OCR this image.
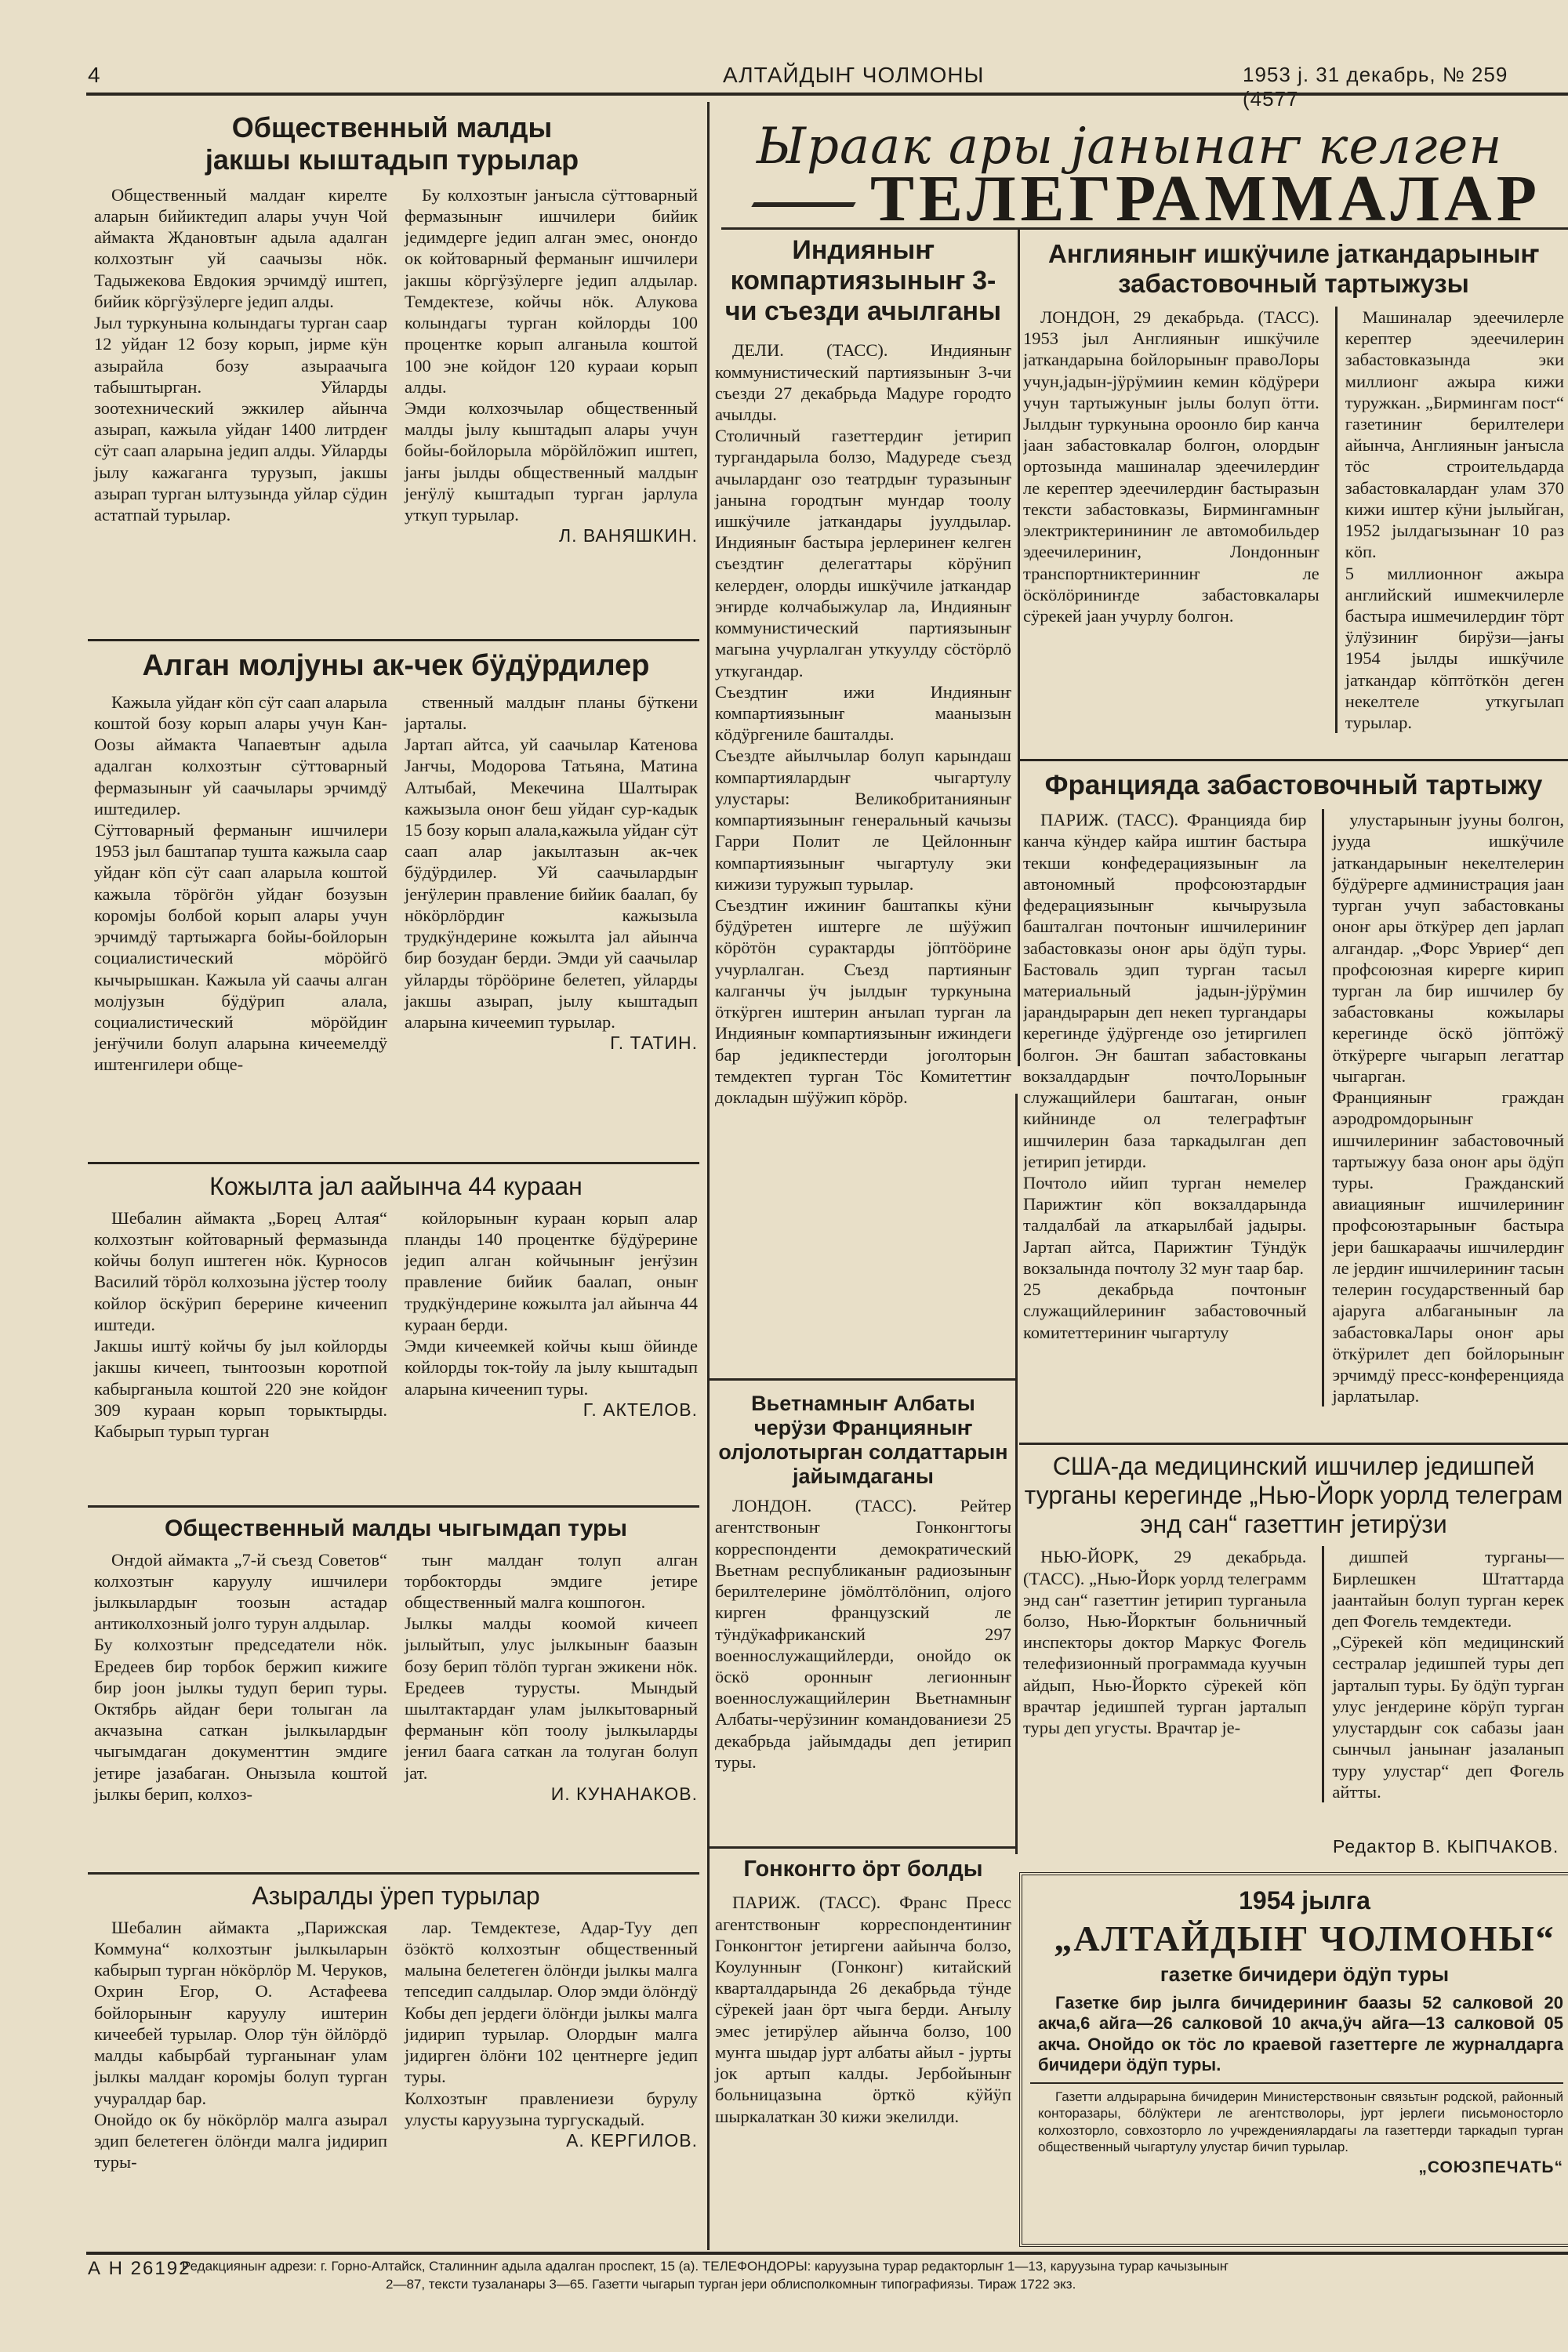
4	АЛТАЙДЫҤ ЧОЛМОНЫ	1953 ј. 31 декабрь, № 259 (4577
Ыраак ары јанынаҥ келген
ТЕЛЕГРАММАЛАР
Общественный малды јакшы кыштадып турылар

Общественный малдаҥ кирелте аларын бийиктедип алары учун Чой аймакта Ждановтыҥ адыла адалган колхозтыҥ уй саачызы нöк. Тадыжекова Евдокия эрчимдÿ иштеп, бийик кöргÿзÿлерге једип алды.
Јыл туркунына колындагы турган саар 12 уйдаҥ 12 бозу корып, јирме кÿн азырайла бозу азыраачыга табыштырган. Уйларды зоотехнический эжкилер айынча азырап, кажыла уйдаҥ 1400 литрдеҥ сÿт саап аларына једип алды. Уйларды јылу кажаганга турузып, јакшы азырап турган ылтузында уйлар сÿдин астатпай турылар.

Бу колхозтыҥ јаҥысла сÿттоварный фермазыныҥ ишчилери бийик једимдерге једип алган эмес, оноҥдо ок койтоварный ферманыҥ ишчилери јакшы кöргÿзÿлерге једип алдылар. Темдектезе, койчы нöк. Алукова колындагы турган койлорды 100 процентке корып алганыла коштой 100 эне койдоҥ 120 курааи корып алды.
Эмди колхозчылар общественный малды јылу кыштадып алары учун бойы-бойлорыла мöрöйлöжип иштеп, јаҥы јылды общественный малдыҥ јеҥÿлÿ кыштадып турган јарлула утк﻿уп турылар.

Л. ВАНЯШКИН.
Алган молјуны ак-чек бÿдÿрдилер

Кажыла уйдаҥ кöп сÿт саап аларыла коштой бозу корып алары учун Кан-Оозы аймакта Чапаевтыҥ адыла адалган колхозтыҥ сÿттоварный фермазыныҥ уй саачылары эрчимдÿ иштедилер.
Сÿттоварный ферманыҥ ишчилери 1953 јыл баштапар тушта кажыла саар уйдаҥ кöп сÿт саап аларыла коштой кажыла тöрöгöн уйдаҥ бозузын коромјы болбой корып алары учун эрчимдÿ тартыжарга бойы-бойлорын социалистический мöрöйгö кычырышкан. Кажыла уй саачы алган молјузын бÿдÿрип алала, социалистический мöрöйдиҥ јеҥÿчили болуп аларына кичеемелдÿ иштенгилери обще-

ственный малдыҥ планы бÿткени јарталы.
Јартап айтса, уй саачылар Катенова Јаҥчы, Модорова Татьяна, Матина Алтыбай, Мекечина Шалтырак кажызыла оноҥ беш уйдаҥ сур-кадык 15 бозу корып алала,кажыла уйдаҥ сÿт саап алар јакылтазын ак-чек бÿдÿрдилер. Уй саачылардыҥ јеҥÿлерин правление бийик баалап, бу нöкöрлöрдиҥ кажызыла трудкÿндерине кожылта јал айынча бир бозудаҥ берди. Эмди уй саачылар уйларды тöрööрине белетеп, уйларды јакшы азырап, јылу кыштадып аларына кичеемип турылар.

Г. ТАТИН.
Кожылта јал аайынча 44 кураан

Шебалин аймакта „Борец Алтая“ колхозтыҥ койтоварный фермазында койчы болуп иштеген нöк. Курносов Василий тöрöл колхозына јÿстер тоолу койлор öскÿрип берерине кичеенип иштеди.
Јакшы иштÿ койчы бу јыл койлорды јакшы кичееп, тынтоозын коротпой кабырганыла коштой 220 эне койдоҥ 309 кураан корып торыктырды. Кабырып турып турган

койлорыныҥ кураан корып алар планды 140 процентке бÿдÿрерине једип алган койчыныҥ јеҥÿзин правление бийик баалап, оныҥ трудкÿндерине кожылта јал айынча 44 кураан берди.
Эмди кичеемкей койчы кыш öйинде койлорды ток-тойу ла јылу кыштадып аларына кичеенип туры.

Г. АКТЕЛОВ.
Общественный малды чыгымдап туры

Оҥдой аймакта „7-й съезд Советов“ колхозтыҥ каруулу ишчилери јылкылардыҥ тоозын астадар антиколхозный јолго турун алдылар.
Бу колхозтыҥ председатели нöк. Ередеев бир торбок бержип кижиге бир јоон јылкы тудуп берип туры. Октябрь айдаҥ бери толыган ла акчазына саткан јылкылардыҥ чыгымдаган документтин эмдиге јетире јазабаган. Онызыла коштой јылкы берип, колхоз-

тыҥ малдаҥ толуп алган торбокторды эмдиге јетире общественный малга кошпогон.
Јылкы малды коомой кичееп јылыйтып, улус јылкыныҥ баазын бозу берип тöлöп турган эжикени нöк. Ередеев турусты. Мындый шылтактардаҥ улам јылкытоварный ферманыҥ кöп тоолу јылкыларды јеҥил баага саткан ла толуган болуп јат.

И. КУНАНАКОВ.
Азыралды ÿреп турылар

Шебалин аймакта „Парижская Коммуна“ колхозтыҥ јылкыларын кабырып турган нöкöрлöр М. Черуков, Охрин Егор, О. Астафеева бойлорыныҥ каруулу иштерин кичеебей турылар. Олор тÿн öйлöрдö малды кабырбай турганынаҥ улам јылкы малдаҥ коромјы болуп турган учуралдар бар.
Онойдо ок бу нöкöрлöр малга азырал эдип белетеген öлöҥди малга јидирип туры-

лар. Темдектезе, Адар-Туу деп öзöктö колхозтыҥ общественный малына белетеген öлöҥди јылкы малга тепседип салдылар. Олор эмди öлöҥдÿ Кобы деп јердеги öлöҥди јылкы малга јидирип турылар. Олордыҥ малга јидирген öлöҥи 102 центнерге једип туры.
Колхозтыҥ правлениези бурулу улусты каруузына тургускадый.

А. КЕРГИЛОВ.
Индияныҥ компартиязыныҥ 3-чи съезди ачылганы

ДЕЛИ. (ТАСС). Индияныҥ коммунистический партиязыныҥ 3-чи съезди 27 декабрьда Мадуре городто ачылды.
Столичный газеттердиҥ јетирип тургандарыла болзо, Мадуреде съезд ачыларданг озо театрдыҥ туразыныҥ јанына городтыҥ муҥдар тоолу ишкÿчиле јаткандары јуулдылар. Индияныҥ бастыра јерлеринеҥ келген съездтиҥ делегаттары кöрÿнип келердеҥ, олорды ишкÿчиле јаткандар эҥирде колчабыжулар ла, Индияныҥ коммунистический партиязыныҥ магына учурлалган уткуулду сöстöрлö уткугандар.
Съездтиҥ ижи Индияныҥ компартиязыныҥ маанызын кöдÿргенилe башталды.
Съездте айылчылар болуп карындаш компартиялардыҥ чыгартулу улустары: Великобританияныҥ компартиязыныҥ генеральный качызы Гарри Полит ле Цейлонныҥ компартиязыныҥ чыгартулу эки кижизи туружып турылар.
Съездтиҥ ижиниҥ баштапкы кÿни бÿдÿретен иштерге ле шÿÿжип кöрöтöн сурактарды јöптööрине учурлалган. Съезд партияныҥ калганчы ÿч јылдыҥ туркунына öткÿрген иштерин аҥылап турган ла Индияныҥ компартиязыныҥ ижиндеги бар једикпестерди јоголторын темдектеп турган Тöс Комитеттиҥ докладын шÿÿжип кöрöр.

Вьетнамныҥ Албаты черÿзи Францияныҥ олјолотырган солдаттарын јайымдаганы

ЛОНДОН. (ТАСС). Рейтер агентствоныҥ Гонконгтогы корреспонденти демократический Вьетнам республиканыҥ радиозыныҥ берилтелерине јöмöлтöлöнип, олјого кирген французский ле тÿндÿкафриканский 297 военнослужащийлерди, онойдо ок öскö оронныҥ легионныҥ военнослужащийлерин Вьетнамныҥ Албаты-черÿзиниҥ командованиези 25 декабрьда јайымдады деп јетирип туры.

Гонконгто öрт болды

ПАРИЖ. (ТАСС). Франс Пресс агентствоныҥ корреспондентиниҥ Гонконгтоҥ јетиргени аайынча болзо, Коулунныҥ (Гонконг) китайский кварталдарында 26 декабрьда тÿнде сÿрекей јаан öрт чыга берди. Аҥылу эмес јетирÿлер айынча болзо, 100 муҥга шыдар јурт албаты айыл - јурты јок артып калды. Јербойыныҥ больницазына öрткö кÿйÿп шыркалаткан 30 кижи экелилди.

Англияныҥ ишкÿчиле јаткандарыныҥ забастовочный тартыжузы

ЛОНДОН, 29 декабрьда. (ТАСС). 1953 јыл Англияныҥ ишкÿчиле јаткандарына бойлорыныҥ правоЛоры учун,јадын-јÿрÿмиин кемин кöдÿрери учун тартыжуныҥ јылы болуп öтти. Јылдыҥ туркунына ороонло бир канча јаан забастовкалар болгон, олордыҥ ортозында машиналар эдеечилердиҥ ле керептер эдеечилердиҥ бастыразын тексти забастовказы, Бирмингамныҥ электриктерининиҥ ле автомобильдер эдеечилериниҥ, Лондонныҥ транспортниктеринниҥ ле öскöлöриниҥде забастовкалары сÿрекей јаан учурлу болгон.

Машиналар эдеечилерле керептер эдеечилерин забастовказында эки миллионг ажыра кижи туружкан. „Бирмингам пост“ газетиниҥ берилтелери айынча, Англияныҥ јаҥысла тöс строительдарда забастовкалардаҥ улам 370 кижи иштер кÿни јылыйган, 1952 јылдагызынаҥ 10 раз кöп.
5 миллионноҥ ажыра английский ишмекчилерле бастыра ишмечилердиҥ тöрт ÿлÿзиниҥ бирÿзи—јаҥы 1954 јылды ишкÿчиле јаткандар кöптöткöн деген некелтеле утк﻿угылап турылар.

Францияда забастовочный тартыжу

ПАРИЖ. (ТАСС). Францияда бир канча кÿндер кайра иштиҥ бастыра текши конфедерациязыныҥ ла автономный профсоюзтардыҥ федерациязыныҥ кычырузыла башталган почтоныҥ ишчилериниҥ забастовказы оноҥ ары öдÿп туры. Бастоваль эдип турган тасыл материальный јадын-јÿрÿмин јарандырарын деп некеп тургандары керегинде ÿдÿргенде озо јетиргилеп болгон. Эҥ баштап забастовканы вокзалдардыҥ почтоЛорыныҥ служащийлери баштаган, оныҥ кийнинде ол телеграфтыҥ ишчилерин база таркадылган деп јетирип јетирди.
Почтоло ийип турган немелер Парижтиҥ кöп вокзалдарында талдалбай ла аткарылбай јадыры. Јартап айтса, Парижтиҥ Тÿндÿк вокзалында почтолу 32 муҥ таар бар.
25 декабрьда почтоныҥ служащийлериниҥ забастовочный комитеттериниҥ чыгартулу

улустарыныҥ јууны болгон, јууда ишкÿчиле јаткандарыныҥ некелтелерин бÿдÿрерге администрация јаан турган учуп забастовканы оноҥ ары öткÿрер деп јарлап алгандар. „Форс Увриер“ деп профсоюзная кирерге кирип турган ла бир ишчилер бу забастовканы кожылары керегинде öскö јöптöжÿ öткÿрерге чыгарып легаттар чыгарган.
Францияныҥ граждан аэродромдорыныҥ ишчилериниҥ забастовочный тартыжуу база оноҥ ары öдÿп туры. Гражданский авиацияныҥ ишчилериниҥ профсоюзтарыныҥ бастыра јери башкараачы ишчилердиҥ ле јердиҥ ишчилериниҥ тасын телерин государственный бар ајаруга албаганыныҥ ла забастовкаЛары оноҥ ары öткÿрилет деп бойлорыныҥ эрчимдÿ пресс-конференцияда јарлатылар.

США-да медицинский ишчилер једишпей турганы керегинде „Нью-Йорк уорлд телеграм энд сан“ газеттиҥ јетирÿзи

НЬЮ-ЙОРК, 29 декабрьда. (ТАСС). „Нью-Йорк уорлд телеграмм энд сан“ газеттиҥ јетирип турганыла болзо, Нью-Йорктыҥ больничный инспекторы доктор Маркус Фогель телефизионный программада куучын айдып, Нью-Йоркто сÿрекей кöп врачтар једишпей турган јарталып туры деп угусты. Врачтар је-

дишпей турганы—Бирлешкен Штаттарда јаантайын болуп турган керек деп Фогель темдектеди.
„Сÿрекей кöп медицинский сестралар једишпей туры деп јарталып туры. Бу öдÿп турган улус јеҥдерине кöрÿп турган улустардыҥ сок сабазы јаан сынчыл јанынаҥ јазаланып туру улустар“ деп Фогель айтты.

Редактор В. КЫПЧАКОВ.
1954 јылга
„АЛТАЙДЫҤ ЧОЛМОНЫ“
газетке бичидери öдÿп туры

Газетке бир јылга бичидериниҥ баазы 52 салковой 20 акча,6 айга—26 салковой 10 акча,ÿч айга—13 салковой 05 акча. Онойдо ок тöс ло краевой газеттерге ле журналдарга бичидери öдÿп туры.

Газетти алдырарына бичидерин Министерствоныҥ связьтыҥ родской, районный конторазары, бöлÿктери ле агентстволоры, јурт јерлеги письмоносторло колхозторло, совхозторло ло учреждениялардагы ла газеттерди таркадып турган общественный чыгартулу улустар бичип турылар.

„СОЮЗПЕЧАТЬ“
А Н 26192
Редакцияныҥ адрези: г. Горно-Алтайск, Сталинниҥ адыла адалган проспект, 15 (а). ТЕЛЕФОНДОРЫ: каруузына турар редакторлыҥ 1—13, каруузына турар качызыныҥ
2—87, тексти тузаланары 3—65. Газетти чыгарып турган јери облисполкомныҥ типографиязы. Тираж 1722 экз.
